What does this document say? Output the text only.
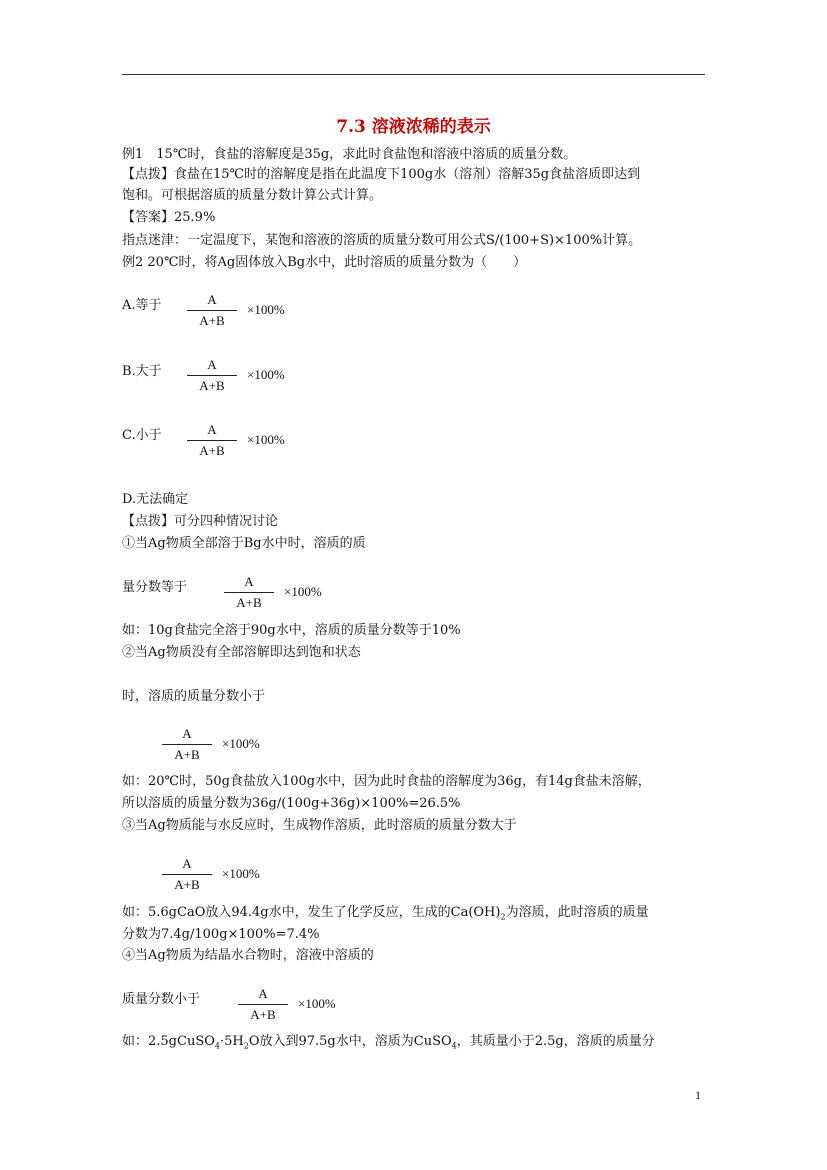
7.3 溶液浓稀的表示
例1　15℃时，食盐的溶解度是35g，求此时食盐饱和溶液中溶质的质量分数。
【点拨】食盐在15℃时的溶解度是指在此温度下100g水（溶剂）溶解35g食盐溶质即达到
饱和。可根据溶质的质量分数计算公式计算。
【答案】25.9%
指点迷津：一定温度下，某饱和溶液的溶质的质量分数可用公式S/(100+S)×100%计算。
例2 20℃时，将Ag固体放入Bg水中，此时溶质的质量分数为（　　）
A.等于	A
A+B
×100%
B.大于	A
A+B
×100%
C.小于	A
A+B
×100%
D.无法确定
【点拨】可分四种情况讨论
①当Ag物质全部溶于Bg水中时，溶质的质
量分数等于	A
A+B
×100%
如：10g食盐完全溶于90g水中，溶质的质量分数等于10%
②当Ag物质没有全部溶解即达到饱和状态
时，溶质的质量分数小于
A
A+B
×100%
如：20℃时，50g食盐放入100g水中，因为此时食盐的溶解度为36g，有14g食盐未溶解，
所以溶质的质量分数为36g/(100g+36g)×100%=26.5%
③当Ag物质能与水反应时，生成物作溶质，此时溶质的质量分数大于
A
A+B
×100%
如：5.6gCaO放入94.4g水中，发生了化学反应，生成的$Ca(OH)_2$为溶质，此时溶质的质量
分数为7.4g/100g×100%=7.4%
④当Ag物质为结晶水合物时，溶液中溶质的
质量分数小于	A
A+B
×100%
如：$2.5gCuSO_4\cdot 5H_2O$放入到97.5g水中，溶质为CuSO$_4$，其质量小于2.5g，溶质的质量分
1
